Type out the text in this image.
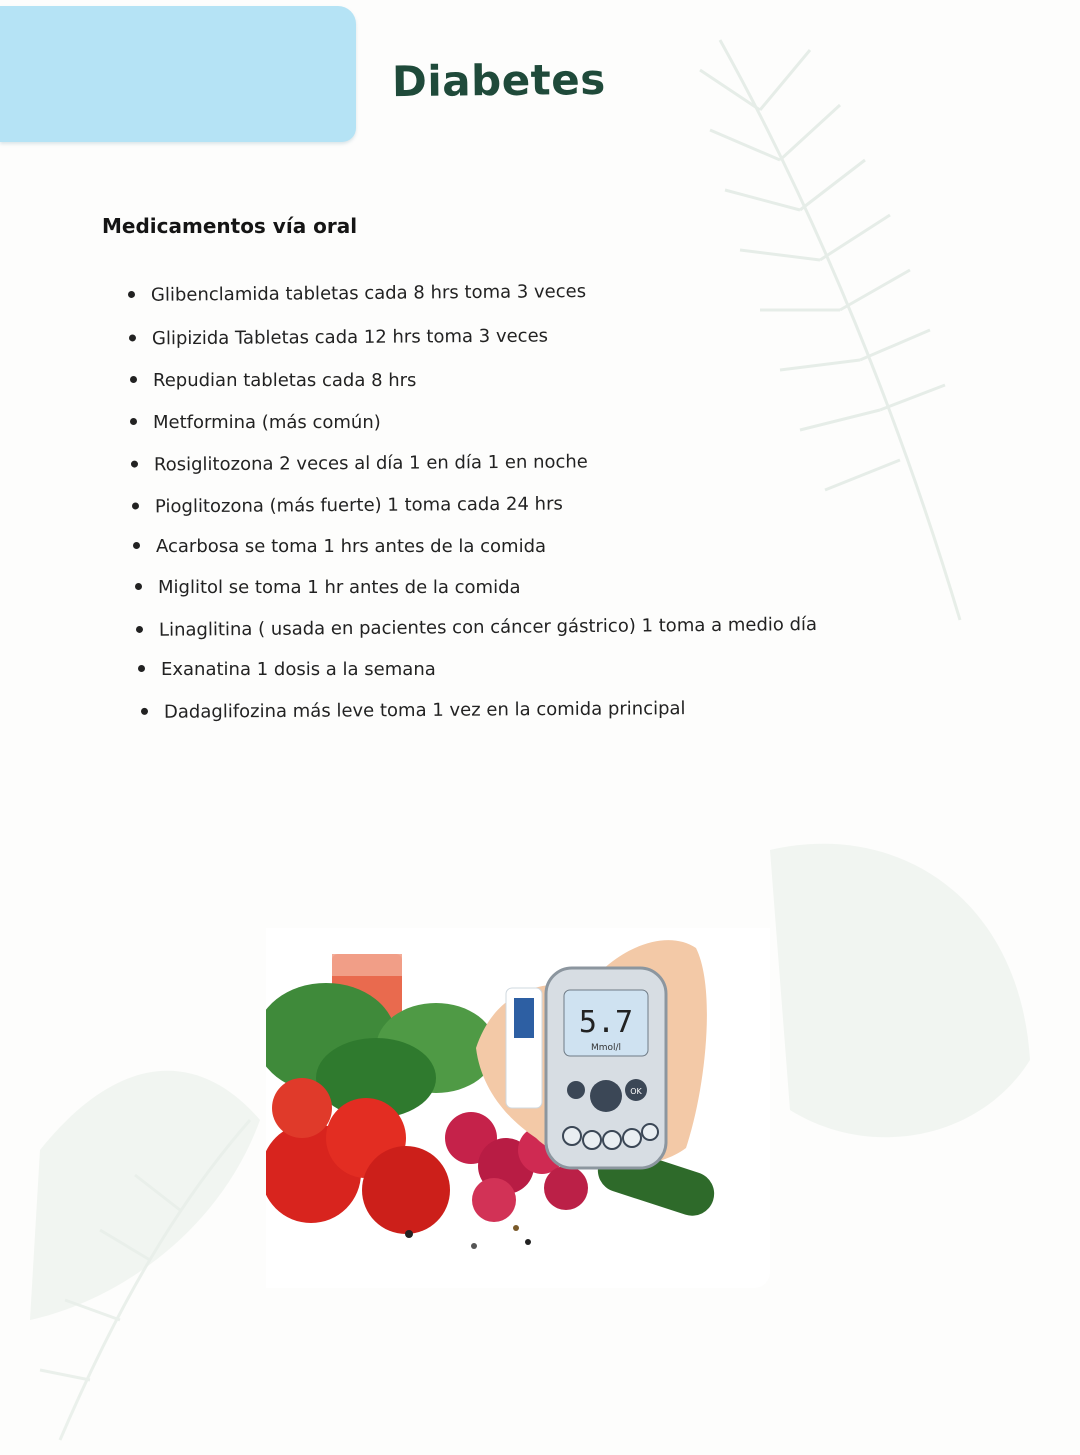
Diabetes
Medicamentos vía oral
Glibenclamida tabletas cada 8 hrs toma 3 veces
Glipizida Tabletas cada 12 hrs toma 3 veces
Repudian tabletas cada 8 hrs
Metformina (más común)
Rosiglitozona 2 veces al día 1 en día 1 en noche
Pioglitozona (más fuerte) 1 toma cada 24 hrs
Acarbosa se toma 1 hrs antes de la comida
Miglitol se toma 1 hr antes de la comida
Linaglitina ( usada en pacientes con cáncer gástrico) 1 toma a medio día
Exanatina 1 dosis a la semana
Dadaglifozina más leve toma 1 vez en la comida principal
5.7
Mmol/l
OK
